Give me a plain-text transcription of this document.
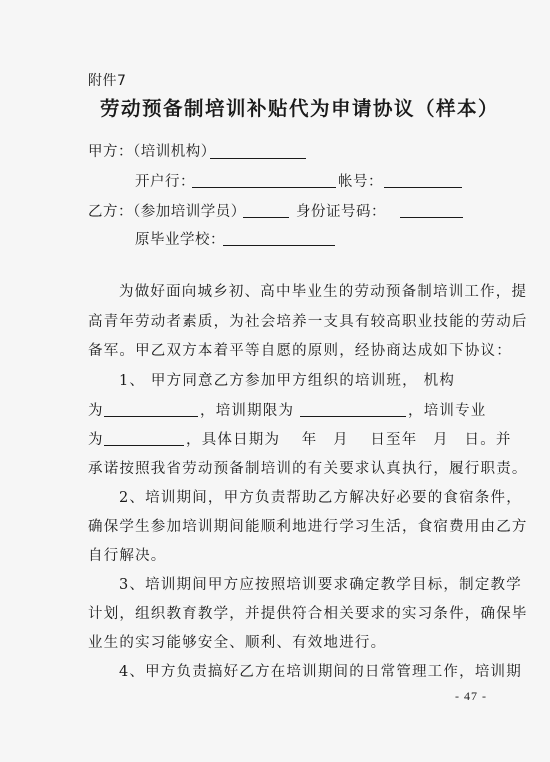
附件7
劳动预备制培训补贴代为申请协议（样本）
甲方：（培训机构）
开户行：	帐号：
乙方：（参加培训学员）	身份证号码：
原毕业学校：
为做好面向城乡初、高中毕业生的劳动预备制培训工作，提
高青年劳动者素质，为社会培养一支具有较高职业技能的劳动后
备军。甲乙双方本着平等自愿的原则，经协商达成如下协议：
1、 甲方同意乙方参加甲方组织的培训班， 机构
为	，培训期限为	，培训专业
为	，具体日期为　 年　月　 日至年　月　日。并
承诺按照我省劳动预备制培训的有关要求认真执行，履行职责。
2、培训期间，甲方负责帮助乙方解决好必要的食宿条件，
确保学生参加培训期间能顺利地进行学习生活，食宿费用由乙方
自行解决。
3、培训期间甲方应按照培训要求确定教学目标，制定教学
计划，组织教育教学，并提供符合相关要求的实习条件，确保毕
业生的实习能够安全、顺利、有效地进行。
4、甲方负责搞好乙方在培训期间的日常管理工作，培训期
- 47 -
